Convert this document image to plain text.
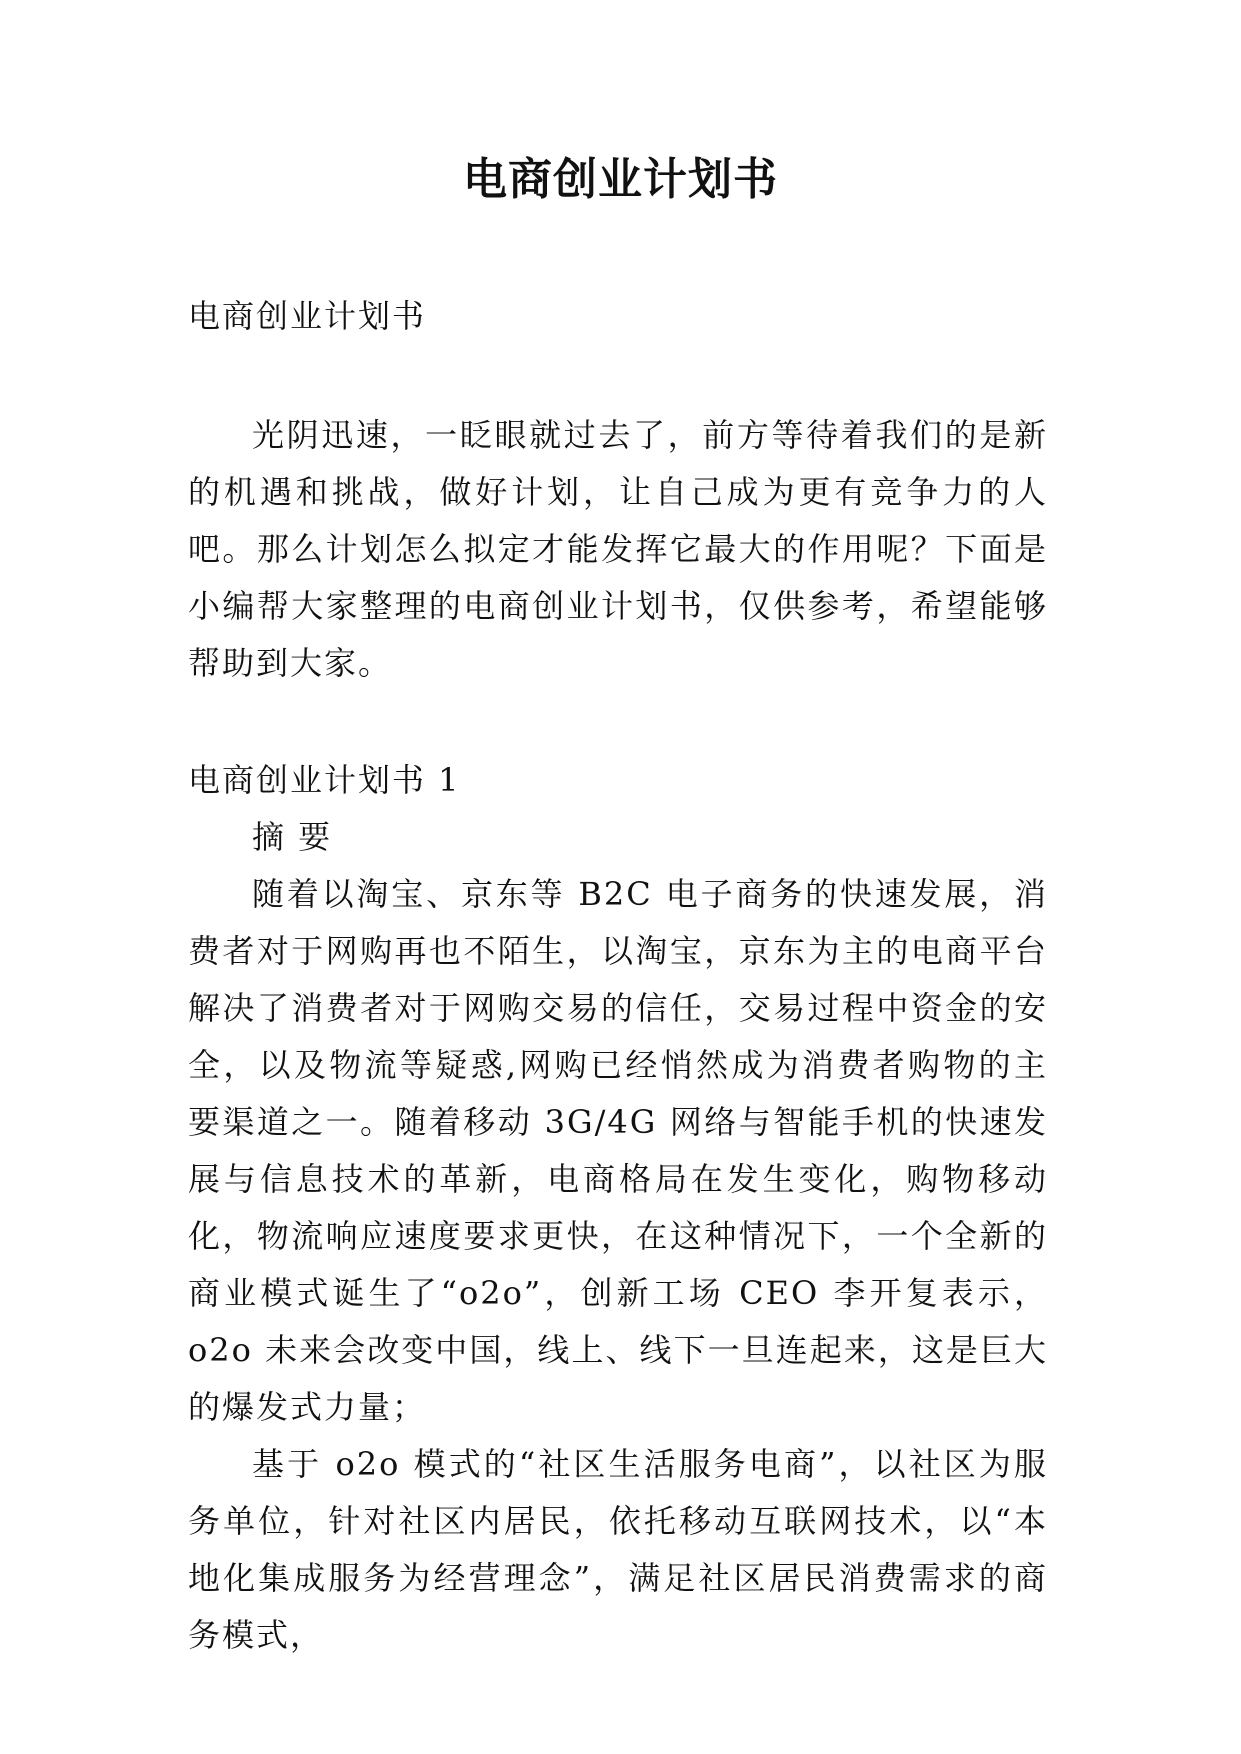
电商创业计划书

电商创业计划书

光阴迅速，一眨眼就过去了，前方等待着我们的是新的机遇和挑战，做好计划，让自己成为更有竞争力的人吧。那么计划怎么拟定才能发挥它最大的作用呢？下面是小编帮大家整理的电商创业计划书，仅供参考，希望能够帮助到大家。

电商创业计划书 1

摘 要

随着以淘宝、京东等 B2C 电子商务的快速发展，消费者对于网购再也不陌生，以淘宝，京东为主的电商平台解决了消费者对于网购交易的信任，交易过程中资金的安全，以及物流等疑惑,网购已经悄然成为消费者购物的主要渠道之一。随着移动 3G/4G 网络与智能手机的快速发展与信息技术的革新，电商格局在发生变化，购物移动化，物流响应速度要求更快，在这种情况下，一个全新的商业模式诞生了“o2o”，创新工场 CEO 李开复表示，o2o 未来会改变中国，线上、线下一旦连起来，这是巨大的爆发式力量；

基于 o2o 模式的“社区生活服务电商”，以社区为服务单位，针对社区内居民，依托移动互联网技术，以“本地化集成服务为经营理念”，满足社区居民消费需求的商务模式，
